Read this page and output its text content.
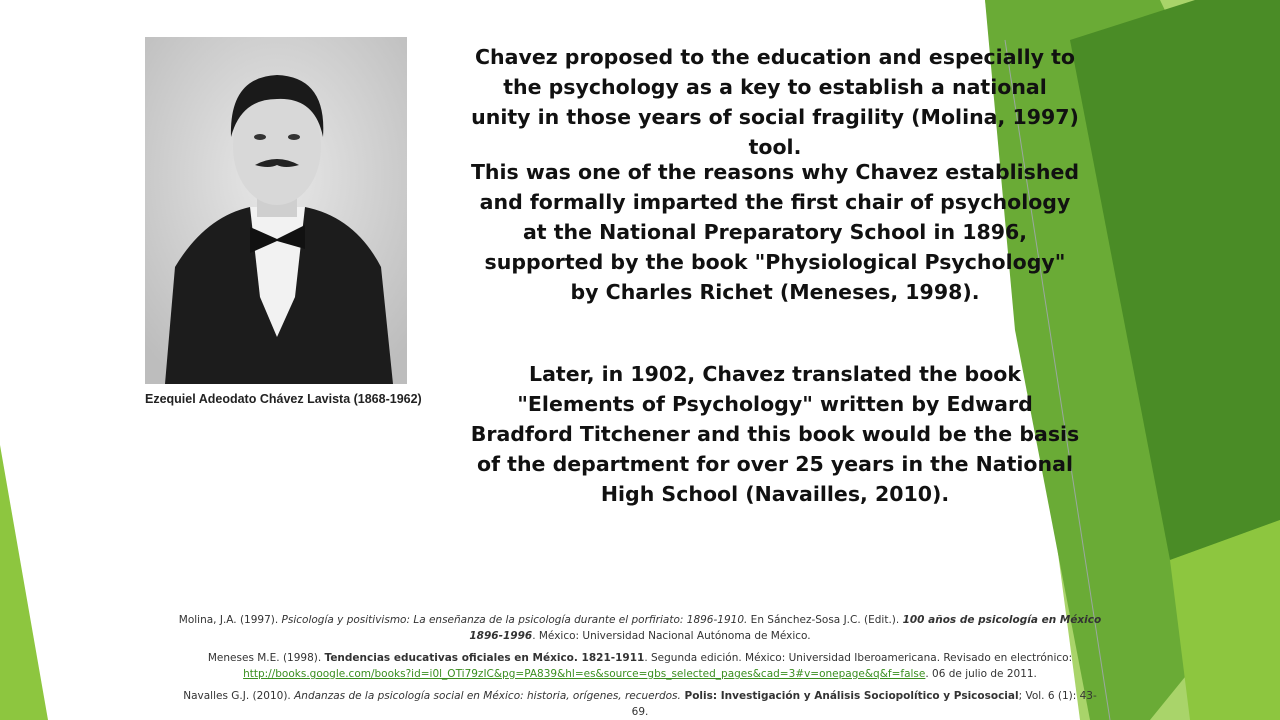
Ezequiel Adeodato Chávez Lavista (1868-1962)
Chavez proposed to the education and especially to the psychology as a key to establish a national unity in those years of social fragility (Molina, 1997) tool.
This was one of the reasons why Chavez established and formally imparted the first chair of psychology at the National Preparatory School in 1896, supported by the book "Physiological Psychology" by Charles Richet (Meneses, 1998).
Later, in 1902, Chavez translated the book "Elements of Psychology" written by Edward Bradford Titchener and this book would be the basis of the department for over 25 years in the National High School (Navailles, 2010).
Molina, J.A. (1997). Psicología y positivismo: La enseñanza de la psicología durante el porfiriato: 1896-1910. En Sánchez-Sosa J.C. (Edit.). 100 años de psicología en México 1896-1996. México: Universidad Nacional Autónoma de México.
Meneses M.E. (1998). Tendencias educativas oficiales en México. 1821-1911. Segunda edición. México: Universidad Iberoamericana. Revisado en electrónico: http://books.google.com/books?id=i0l_OTi79zIC&pg=PA839&hl=es&source=gbs_selected_pages&cad=3#v=onepage&q&f=false. 06 de julio de 2011.
Navalles G.J. (2010). Andanzas de la psicología social en México: historia, orígenes, recuerdos. Polis: Investigación y Análisis Sociopolítico y Psicosocial; Vol. 6 (1): 43-69.
